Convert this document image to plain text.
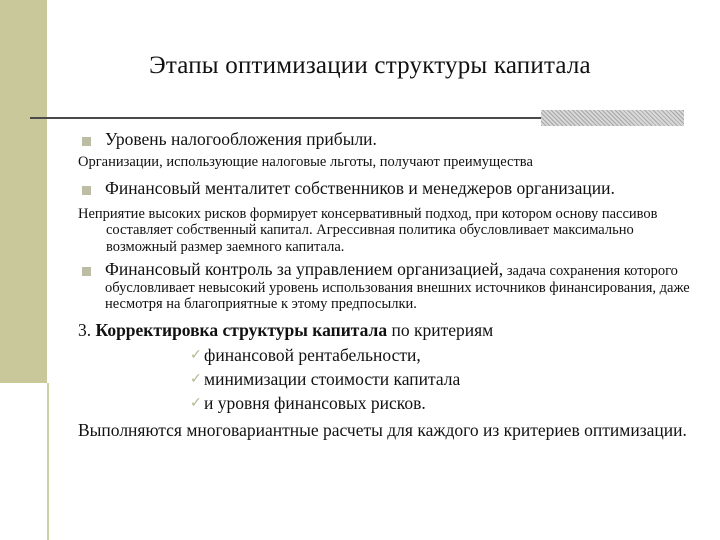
Этапы оптимизации структуры капитала
Уровень налогообложения прибыли.
Организации, использующие налоговые льготы, получают преимущества
Финансовый менталитет собственников и менеджеров организации.
Неприятие высоких рисков формирует консервативный подход, при котором основу пассивов составляет собственный капитал. Агрессивная политика обусловливает максимально возможный размер заемного капитала.
Финансовый контроль за управлением организацией, задача сохранения которого обусловливает невысокий уровень использования внешних источников финансирования, даже несмотря на благоприятные к этому предпосылки.
3. Корректировка структуры капитала по критериям
✓ финансовой рентабельности,
✓ минимизации стоимости капитала
✓ и уровня финансовых рисков.
Выполняются многовариантные расчеты для каждого из критериев оптимизации.
